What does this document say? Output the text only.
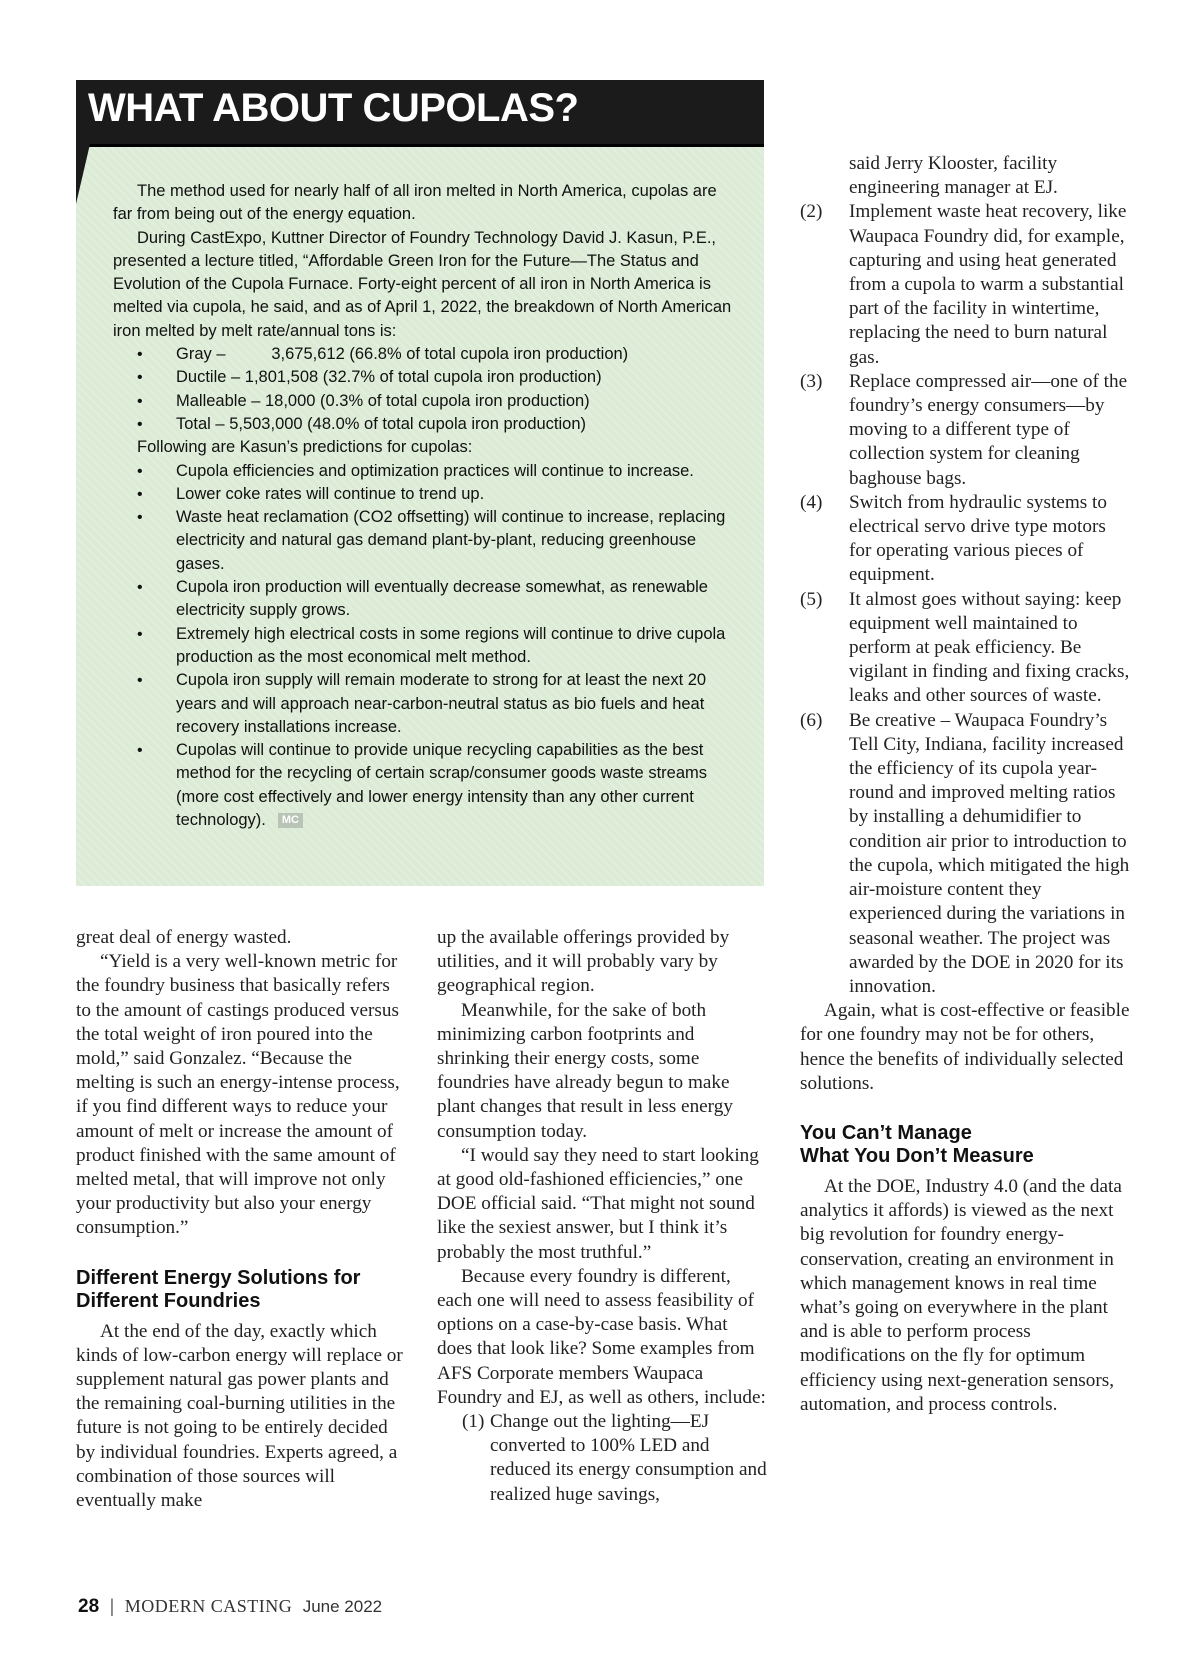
WHAT ABOUT CUPOLAS?

The method used for nearly half of all iron melted in North America, cupolas are far from being out of the energy equation.

During CastExpo, Kuttner Director of Foundry Technology David J. Kasun, P.E., presented a lecture titled, “Affordable Green Iron for the Future—The Status and Evolution of the Cupola Furnace. Forty-eight percent of all iron in North America is melted via cupola, he said, and as of April 1, 2022, the breakdown of North American iron melted by melt rate/annual tons is:

• Gray –          3,675,612 (66.8% of total cupola iron production)
• Ductile – 1,801,508 (32.7% of total cupola iron production)
• Malleable – 18,000 (0.3% of total cupola iron production)
• Total – 5,503,000 (48.0% of total cupola iron production)

Following are Kasun’s predictions for cupolas:

• Cupola efficiencies and optimization practices will continue to increase.
• Lower coke rates will continue to trend up.
• Waste heat reclamation (CO2 offsetting) will continue to increase, replacing electricity and natural gas demand plant-by-plant, reducing greenhouse gases.
• Cupola iron production will eventually decrease somewhat, as renewable electricity supply grows.
• Extremely high electrical costs in some regions will continue to drive cupola production as the most economical melt method.
• Cupola iron supply will remain moderate to strong for at least the next 20 years and will approach near-carbon-neutral status as bio fuels and heat recovery installations increase.
• Cupolas will continue to provide unique recycling capabilities as the best method for the recycling of certain scrap/consumer goods waste streams (more cost effectively and lower energy intensity than any other current technology). MC

great deal of energy wasted.

“Yield is a very well-known metric for the foundry business that basically refers to the amount of castings produced versus the total weight of iron poured into the mold,” said Gonzalez. “Because the melting is such an energy-intense process, if you find different ways to reduce your amount of melt or increase the amount of product finished with the same amount of melted metal, that will improve not only your productivity but also your energy consumption.”

Different Energy Solutions for
Different Foundries

At the end of the day, exactly which kinds of low-carbon energy will replace or supplement natural gas power plants and the remaining coal-burning utilities in the future is not going to be entirely decided by individual foundries. Experts agreed, a combination of those sources will eventually make

up the available offerings provided by utilities, and it will probably vary by geographical region.

Meanwhile, for the sake of both minimizing carbon footprints and shrinking their energy costs, some foundries have already begun to make plant changes that result in less energy consumption today.

“I would say they need to start looking at good old-fashioned efficiencies,” one DOE official said. “That might not sound like the sexiest answer, but I think it’s probably the most truthful.”

Because every foundry is different, each one will need to assess feasibility of options on a case-by-case basis. What does that look like? Some examples from AFS Corporate members Waupaca Foundry and EJ, as well as others, include:

(1) Change out the lighting—EJ converted to 100% LED and reduced its energy consumption and realized huge savings,

said Jerry Klooster, facility engineering manager at EJ.

(2)	Implement waste heat recovery, like Waupaca Foundry did, for example, capturing and using heat generated from a cupola to warm a substantial part of the facility in wintertime, replacing the need to burn natural gas.
(3)	Replace compressed air—one of the foundry’s energy consumers—by moving to a different type of collection system for cleaning baghouse bags.
(4)	Switch from hydraulic systems to electrical servo drive type motors for operating various pieces of equipment.
(5)	It almost goes without saying: keep equipment well maintained to perform at peak efficiency. Be vigilant in finding and fixing cracks, leaks and other sources of waste.
(6)	Be creative – Waupaca Foundry’s Tell City, Indiana, facility increased the efficiency of its cupola year-round and improved melting ratios by installing a dehumidifier to condition air prior to introduction to the cupola, which mitigated the high air-moisture content they experienced during the variations in seasonal weather. The project was awarded by the DOE in 2020 for its innovation.

Again, what is cost-effective or feasible for one foundry may not be for others, hence the benefits of individually selected solutions.

You Can’t Manage
What You Don’t Measure

At the DOE, Industry 4.0 (and the data analytics it affords) is viewed as the next big revolution for foundry energy-conservation, creating an environment in which management knows in real time what’s going on everywhere in the plant and is able to perform process modifications on the fly for optimum efficiency using next-generation sensors, automation, and process controls.

28 | MODERN CASTING June 2022
